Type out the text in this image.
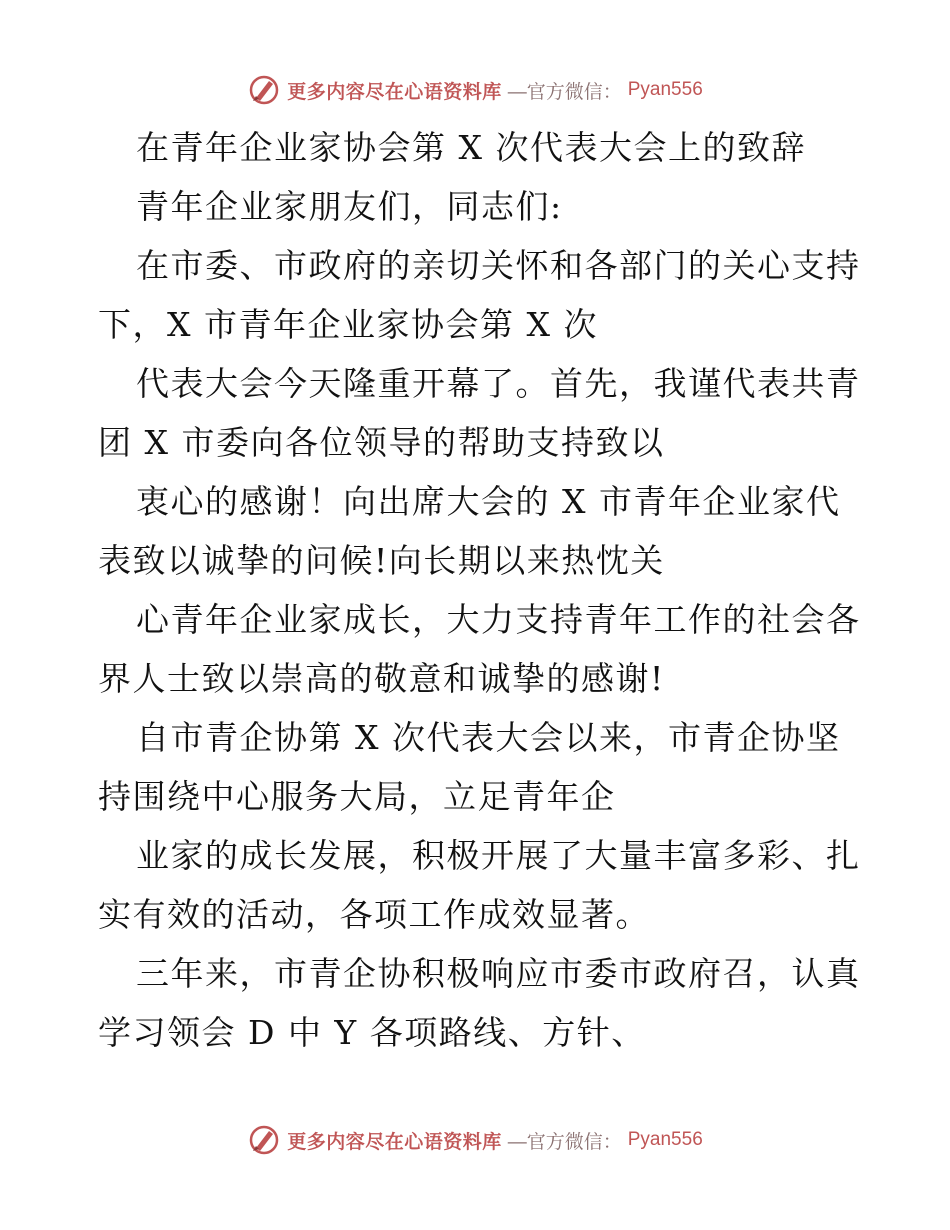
更多内容尽在心语资料库 —官方微信： Pyan556
在青年企业家协会第 X 次代表大会上的致辞
青年企业家朋友们，同志们:
在市委、市政府的亲切关怀和各部门的关心支持
下，X 市青年企业家协会第 X 次
代表大会今天隆重开幕了。首先，我谨代表共青
团 X 市委向各位领导的帮助支持致以
衷心的感谢！向出席大会的 X 市青年企业家代
表致以诚挚的问候!向长期以来热忱关
心青年企业家成长，大力支持青年工作的社会各
界人士致以崇高的敬意和诚挚的感谢!
自市青企协第 X 次代表大会以来，市青企协坚
持围绕中心服务大局，立足青年企
业家的成长发展，积极开展了大量丰富多彩、扎
实有效的活动，各项工作成效显著。
三年来，市青企协积极响应市委市政府召，认真
学习领会 D 中 Y 各项路线、方针、
更多内容尽在心语资料库 —官方微信： Pyan556
